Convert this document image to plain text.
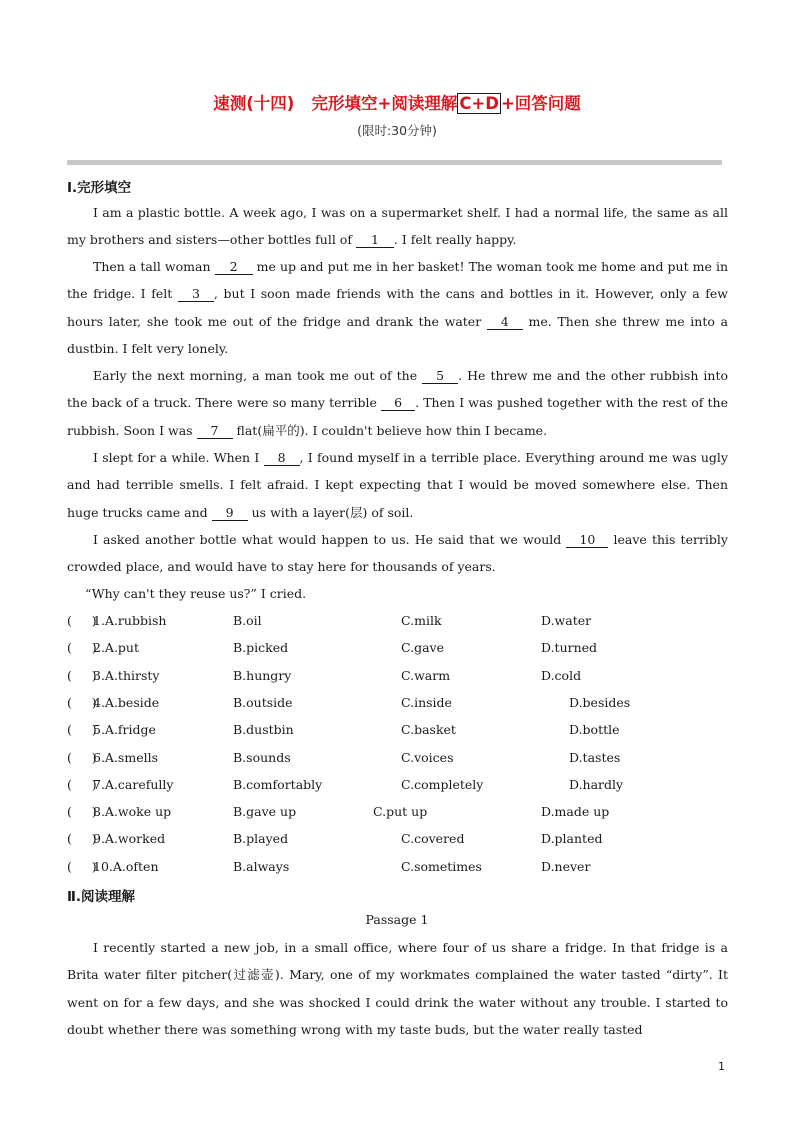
速测(十四)   完形填空+阅读理解 C+D +回答问题
(限时:30分钟)
Ⅰ.完形填空

I am a plastic bottle. A week ago, I was on a supermarket shelf. I had a normal life, the same as all my brothers and sisters—other bottles full of 1 . I felt really happy.

Then a tall woman 2 me up and put me in her basket! The woman took me home and put me in the fridge. I felt 3 , but I soon made friends with the cans and bottles in it. However, only a few hours later, she took me out of the fridge and drank the water 4 me. Then she threw me into a dustbin. I felt very lonely.

Early the next morning, a man took me out of the 5 . He threw me and the other rubbish into the back of a truck. There were so many terrible 6 . Then I was pushed together with the rest of the rubbish. Soon I was 7 flat(扁平的). I couldn't believe how thin I became.

I slept for a while. When I 8 , I found myself in a terrible place. Everything around me was ugly and had terrible smells. I felt afraid. I kept expecting that I would be moved somewhere else. Then huge trucks came and 9 us with a layer(层) of soil.

I asked another bottle what would happen to us. He said that we would 10 leave this terribly crowded place, and would have to stay here for thousands of years.

“Why can't they reuse us?” I cried.

(     )
1.A.rubbish	B.oil	C.milk	D.water
(     )
2.A.put	B.picked	C.gave	D.turned
(     )
3.A.thirsty	B.hungry	C.warm	D.cold
(     )
4.A.beside	B.outside	C.inside	D.besides
(     )
5.A.fridge	B.dustbin	C.basket	D.bottle
(     )
6.A.smells	B.sounds	C.voices	D.tastes
(     )
7.A.carefully	B.comfortably	C.completely	D.hardly
(     )
8.A.woke up	B.gave up	C.put up	D.made up
(     )
9.A.worked	B.played	C.covered	D.planted
(     )
10.A.often	B.always	C.sometimes	D.never
Ⅱ.阅读理解
Passage 1

I recently started a new job, in a small office, where four of us share a fridge. In that fridge is a Brita water filter pitcher(过滤壶). Mary, one of my workmates complained the water tasted “dirty”. It went on for a few days, and she was shocked I could drink the water without any trouble. I started to doubt whether there was something wrong with my taste buds, but the water really tasted

1
